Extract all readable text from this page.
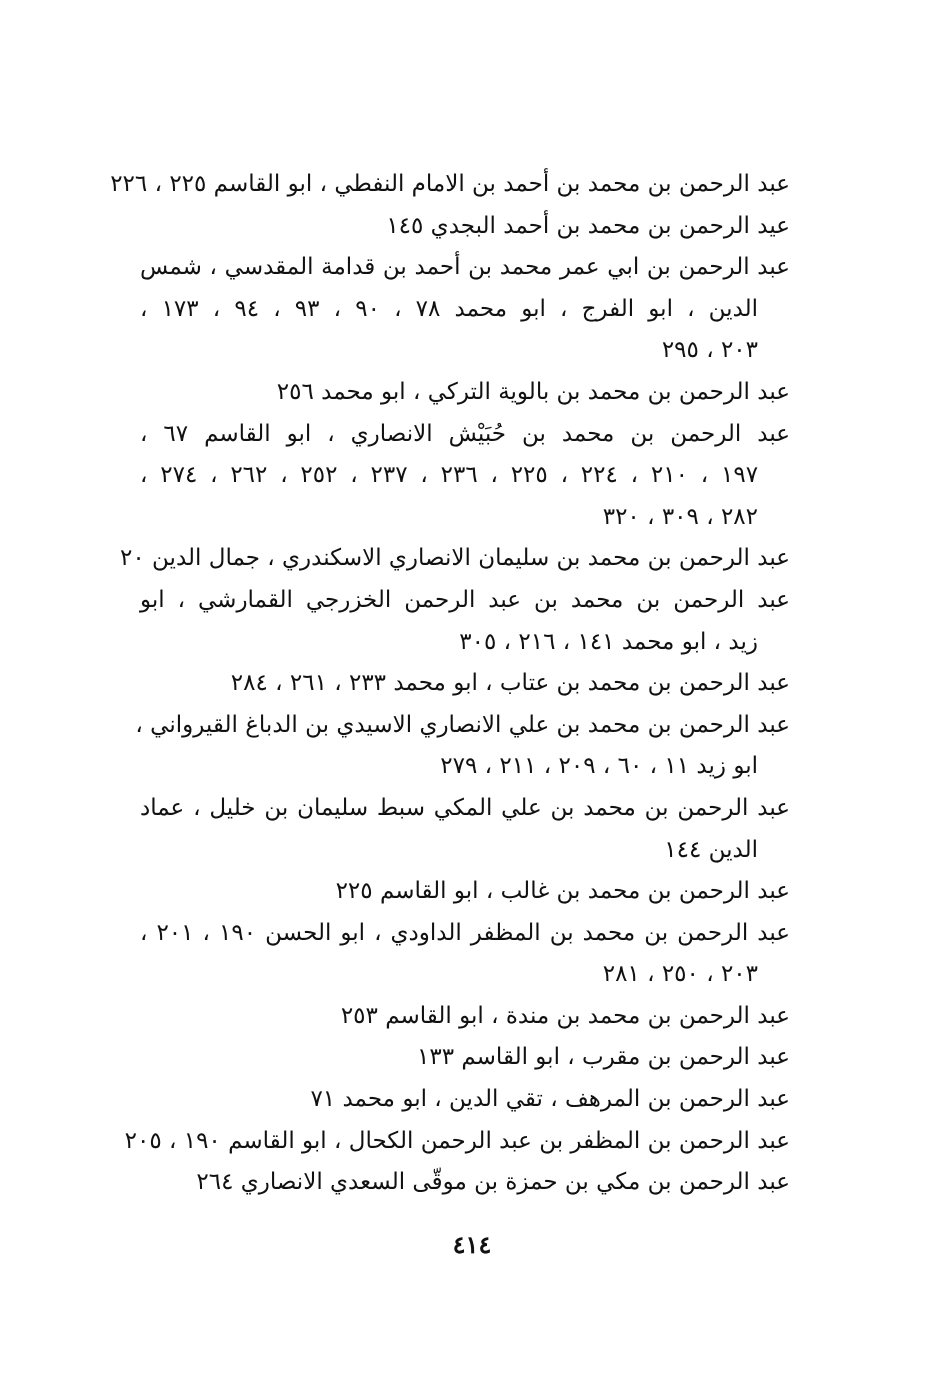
عبد الرحمن بن محمد بن أحمد بن الامام النفطي ، ابو القاسم ٢٢٥ ، ٢٢٦
عيد الرحمن بن محمد بن أحمد البجدي ١٤٥
عبد الرحمن بن ابي عمر محمد بن أحمد بن قدامة المقدسي ، شمس
الدين ، ابو الفرج ، ابو محمد ٧٨ ، ٩٠ ، ٩٣ ، ٩٤ ، ١٧٣ ،
٢٠٣ ، ٢٩٥
عبد الرحمن بن محمد بن بالوية التركي ، ابو محمد ٢٥٦
عبد الرحمن بن محمد بن حُبَيْش الانصاري ، ابو القاسم ٦٧ ،
١٩٧ ، ٢١٠ ، ٢٢٤ ، ٢٢٥ ، ٢٣٦ ، ٢٣٧ ، ٢٥٢ ، ٢٦٢ ، ٢٧٤ ،
٢٨٢ ، ٣٠٩ ، ٣٢٠
عبد الرحمن بن محمد بن سليمان الانصاري الاسكندري ، جمال الدين ٢٠
عبد الرحمن بن محمد بن عبد الرحمن الخزرجي القمارشي ، ابو
زيد ، ابو محمد ١٤١ ، ٢١٦ ، ٣٠٥
عبد الرحمن بن محمد بن عتاب ، ابو محمد ٢٣٣ ، ٢٦١ ، ٢٨٤
عبد الرحمن بن محمد بن علي الانصاري الاسيدي بن الدباغ القيرواني ،
ابو زيد ١١ ، ٦٠ ، ٢٠٩ ، ٢١١ ، ٢٧٩
عبد الرحمن بن محمد بن علي المكي سبط سليمان بن خليل ، عماد
الدين ١٤٤
عبد الرحمن بن محمد بن غالب ، ابو القاسم ٢٢٥
عبد الرحمن بن محمد بن المظفر الداودي ، ابو الحسن ١٩٠ ، ٢٠١ ،
٢٠٣ ، ٢٥٠ ، ٢٨١
عبد الرحمن بن محمد بن مندة ، ابو القاسم ٢٥٣
عبد الرحمن بن مقرب ، ابو القاسم ١٣٣
عبد الرحمن بن المرهف ، تقي الدين ، ابو محمد ٧١
عبد الرحمن بن المظفر بن عبد الرحمن الكحال ، ابو القاسم ١٩٠ ، ٢٠٥
عبد الرحمن بن مكي بن حمزة بن موقّى السعدي الانصاري ٢٦٤
٤١٤
